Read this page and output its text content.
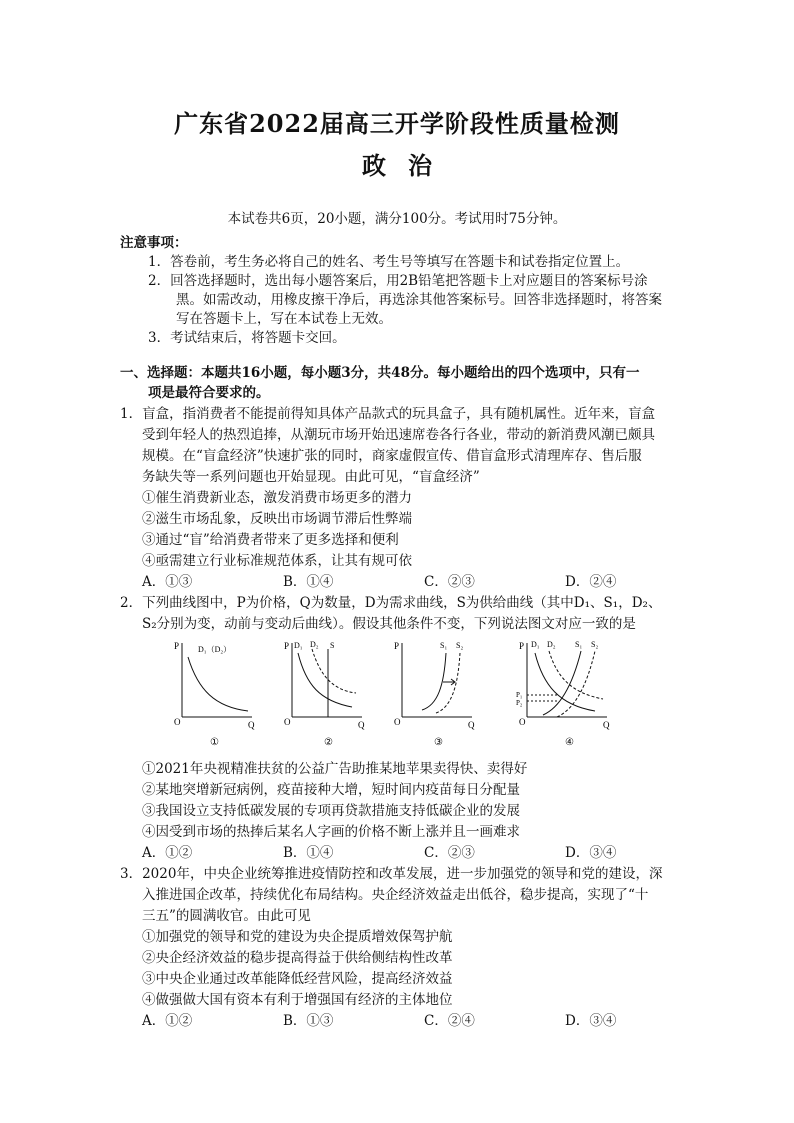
广东省2022届高三开学阶段性质量检测
政治
本试卷共6页，20小题，满分100分。考试用时75分钟。
注意事项：
1．答卷前，考生务必将自己的姓名、考生号等填写在答题卡和试卷指定位置上。
2．回答选择题时，选出每小题答案后，用2B铅笔把答题卡上对应题目的答案标号涂
黑。如需改动，用橡皮擦干净后，再选涂其他答案标号。回答非选择题时，将答案
写在答题卡上，写在本试卷上无效。
3．考试结束后，将答题卡交回。
一、选择题：本题共16小题，每小题3分，共48分。每小题给出的四个选项中，只有一
项是最符合要求的。
1．盲盒，指消费者不能提前得知具体产品款式的玩具盒子，具有随机属性。近年来，盲盒
受到年轻人的热烈追捧，从潮玩市场开始迅速席卷各行各业，带动的新消费风潮已颇具
规模。在“盲盒经济”快速扩张的同时，商家虚假宣传、借盲盒形式清理库存、售后服
务缺失等一系列问题也开始显现。由此可见，“盲盒经济”
①催生消费新业态，激发消费市场更多的潜力
②滋生市场乱象，反映出市场调节滞后性弊端
③通过“盲”给消费者带来了更多选择和便利
④亟需建立行业标准规范体系，让其有规可依
A．①③	B．①④	C．②③	D．②④
2．下列曲线图中，P为价格，Q为数量，D为需求曲线，S为供给曲线（其中D₁、S₁，D₂、
S₂分别为变，动前与变动后曲线）。假设其他条件不变，下列说法图文对应一致的是
P
Q
O
D₁（D₂）
①
P
Q
O
D₁ D₂ S
②
P
Q
O
S₁ S₂
③
P
Q
O
D₁ D₂ S₁ S₂
P₁
P₂
④
①2021年央视精准扶贫的公益广告助推某地苹果卖得快、卖得好
②某地突增新冠病例，疫苗接种大增，短时间内疫苗每日分配量
③我国设立支持低碳发展的专项再贷款措施支持低碳企业的发展
④因受到市场的热捧后某名人字画的价格不断上涨并且一画难求
A．①②	B．①④	C．②③	D．③④
3．2020年，中央企业统筹推进疫情防控和改革发展，进一步加强党的领导和党的建设，深
入推进国企改革，持续优化布局结构。央企经济效益走出低谷，稳步提高，实现了“十
三五”的圆满收官。由此可见
①加强党的领导和党的建设为央企提质增效保驾护航
②央企经济效益的稳步提高得益于供给侧结构性改革
③中央企业通过改革能降低经营风险，提高经济效益
④做强做大国有资本有利于增强国有经济的主体地位
A．①②	B．①③	C．②④	D．③④
